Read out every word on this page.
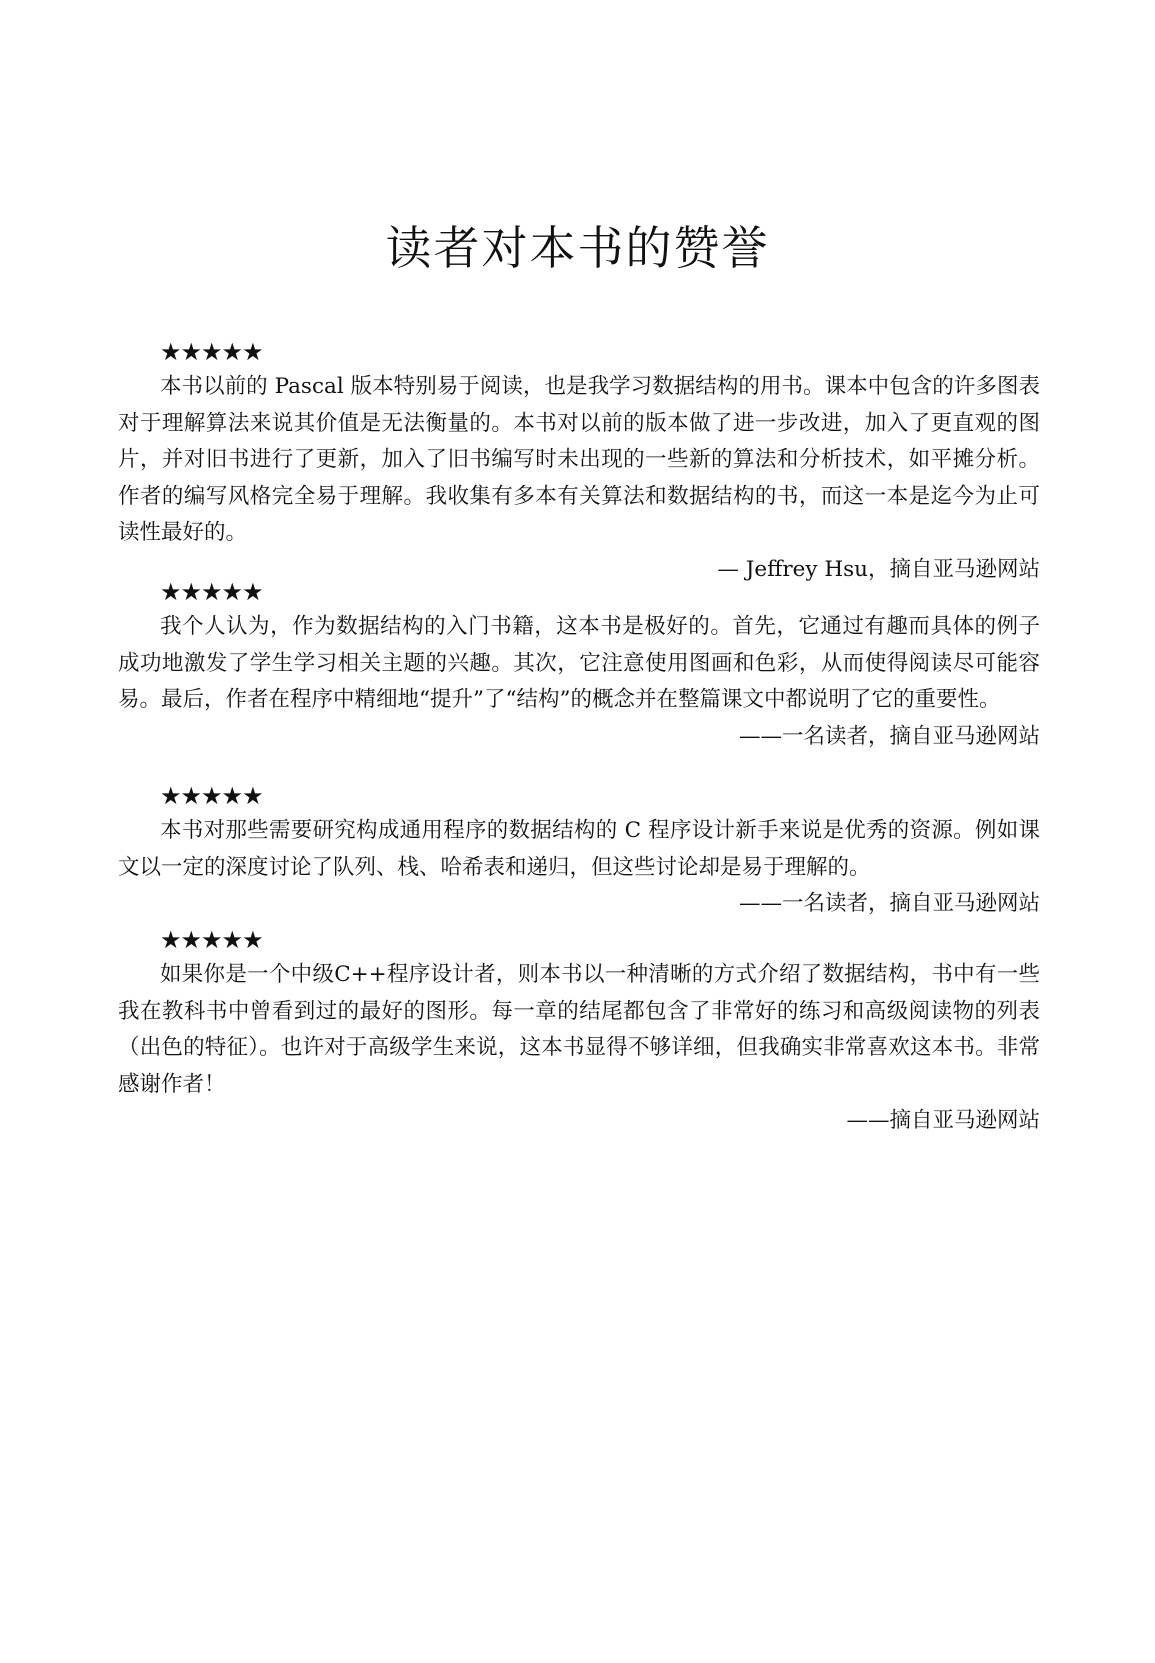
读者对本书的赞誉
★★★★★

本书以前的 Pascal 版本特别易于阅读，也是我学习数据结构的用书。课本中包含的许多图表对于理解算法来说其价值是无法衡量的。本书对以前的版本做了进一步改进，加入了更直观的图片，并对旧书进行了更新，加入了旧书编写时未出现的一些新的算法和分析技术，如平摊分析。作者的编写风格完全易于理解。我收集有多本有关算法和数据结构的书，而这一本是迄今为止可读性最好的。

— Jeffrey Hsu，摘自亚马逊网站
★★★★★

我个人认为，作为数据结构的入门书籍，这本书是极好的。首先，它通过有趣而具体的例子成功地激发了学生学习相关主题的兴趣。其次，它注意使用图画和色彩，从而使得阅读尽可能容易。最后，作者在程序中精细地“提升”了“结构”的概念并在整篇课文中都说明了它的重要性。

——一名读者，摘自亚马逊网站
★★★★★

本书对那些需要研究构成通用程序的数据结构的 C 程序设计新手来说是优秀的资源。例如课文以一定的深度讨论了队列、栈、哈希表和递归，但这些讨论却是易于理解的。

——一名读者，摘自亚马逊网站
★★★★★

如果你是一个中级C++程序设计者，则本书以一种清晰的方式介绍了数据结构，书中有一些我在教科书中曾看到过的最好的图形。每一章的结尾都包含了非常好的练习和高级阅读物的列表（出色的特征）。也许对于高级学生来说，这本书显得不够详细，但我确实非常喜欢这本书。非常感谢作者！

——摘自亚马逊网站
